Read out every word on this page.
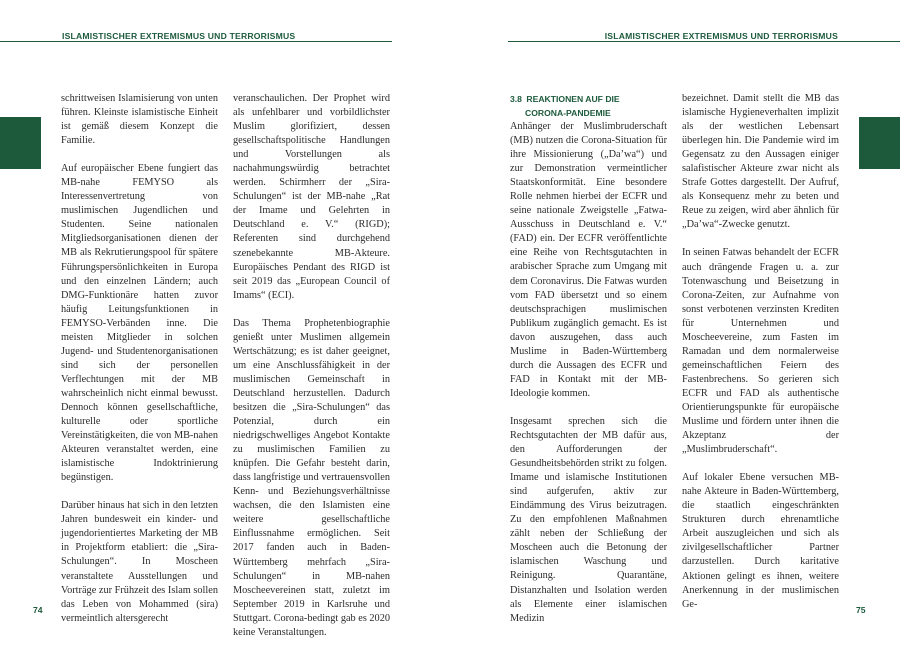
ISLAMISTISCHER EXTREMISMUS UND TERRORISMUS	ISLAMISTISCHER EXTREMISMUS UND TERRORISMUS

schrittweisen Islamisierung von unten führen. Kleinste islamistische Einheit ist gemäß diesem Konzept die Familie.

Auf europäischer Ebene fungiert das MB-nahe FEMYSO als Interessenvertretung von muslimischen Jugendlichen und Studenten. Seine nationalen Mitgliedsorganisationen dienen der MB als Rekrutierungspool für spätere Führungspersönlichkeiten in Europa und den einzelnen Ländern; auch DMG-Funktionäre hatten zuvor häufig Leitungsfunktionen in FEMYSO-Verbänden inne. Die meisten Mitglieder in solchen Jugend- und Studentenorganisationen sind sich der personellen Verflechtungen mit der MB wahrscheinlich nicht einmal bewusst. Dennoch können gesellschaftliche, kulturelle oder sportliche Vereinstätigkeiten, die von MB-nahen Akteuren veranstaltet werden, eine islamistische Indoktrinierung begünstigen.

Darüber hinaus hat sich in den letzten Jahren bundesweit ein kinder- und jugendorientiertes Marketing der MB in Projektform etabliert: die „Sira-Schulungen“. In Moscheen veranstaltete Ausstellungen und Vorträge zur Frühzeit des Islam sollen das Leben von Mohammed (sira) vermeintlich altersgerecht

veranschaulichen. Der Prophet wird als unfehlbarer und vorbildlichster Muslim glorifiziert, dessen gesellschaftspolitische Handlungen und Vorstellungen als nachahmungswürdig betrachtet werden. Schirmherr der „Sira-Schulungen“ ist der MB-nahe „Rat der Imame und Gelehrten in Deutschland e. V.“ (RIGD); Referenten sind durchgehend szenebekannte MB-Akteure. Europäisches Pendant des RIGD ist seit 2019 das „European Council of Imams“ (ECI).

Das Thema Prophetenbiographie genießt unter Muslimen allgemein Wertschätzung; es ist daher geeignet, um eine Anschlussfähigkeit in der muslimischen Gemeinschaft in Deutschland herzustellen. Dadurch besitzen die „Sira-Schulungen“ das Potenzial, durch ein niedrigschwelliges Angebot Kontakte zu muslimischen Familien zu knüpfen. Die Gefahr besteht darin, dass langfristige und vertrauensvollen Kenn- und Beziehungsverhältnisse wachsen, die den Islamisten eine weitere gesellschaftliche Einflussnahme ermöglichen. Seit 2017 fanden auch in Baden-Württemberg mehrfach „Sira-Schulungen“ in MB-nahen Moscheevereinen statt, zuletzt im September 2019 in Karlsruhe und Stuttgart. Corona-bedingt gab es 2020 keine Veranstaltungen.

3.8 REAKTIONEN AUF DIE
CORONA-PANDEMIE

Anhänger der Muslimbruderschaft (MB) nutzen die Corona-Situation für ihre Missionierung („Da’wa“) und zur Demonstration vermeintlicher Staatskonformität. Eine besondere Rolle nehmen hierbei der ECFR und seine nationale Zweigstelle „Fatwa-Ausschuss in Deutschland e. V.“ (FAD) ein. Der ECFR veröffentlichte eine Reihe von Rechtsgutachten in arabischer Sprache zum Umgang mit dem Coronavirus. Die Fatwas wurden vom FAD übersetzt und so einem deutschsprachigen muslimischen Publikum zugänglich gemacht. Es ist davon auszugehen, dass auch Muslime in Baden-Württemberg durch die Aussagen des ECFR und FAD in Kontakt mit der MB-Ideologie kommen.

Insgesamt sprechen sich die Rechtsgutachten der MB dafür aus, den Aufforderungen der Gesundheitsbehörden strikt zu folgen. Imame und islamische Institutionen sind aufgerufen, aktiv zur Eindämmung des Virus beizutragen. Zu den empfohlenen Maßnahmen zählt neben der Schließung der Moscheen auch die Betonung der islamischen Waschung und Reinigung. Quarantäne, Distanzhalten und Isolation werden als Elemente einer islamischen Medizin

bezeichnet. Damit stellt die MB das islamische Hygieneverhalten implizit als der westlichen Lebensart überlegen hin. Die Pandemie wird im Gegensatz zu den Aussagen einiger salafistischer Akteure zwar nicht als Strafe Gottes dargestellt. Der Aufruf, als Konsequenz mehr zu beten und Reue zu zeigen, wird aber ähnlich für „Da’wa“-Zwecke genutzt.

In seinen Fatwas behandelt der ECFR auch drängende Fragen u. a. zur Totenwaschung und Beisetzung in Corona-Zeiten, zur Aufnahme von sonst verbotenen verzinsten Krediten für Unternehmen und Moscheevereine, zum Fasten im Ramadan und dem normalerweise gemeinschaftlichen Feiern des Fastenbrechens. So gerieren sich ECFR und FAD als authentische Orientierungspunkte für europäische Muslime und fördern unter ihnen die Akzeptanz der „Muslimbruderschaft“.

Auf lokaler Ebene versuchen MB-nahe Akteure in Baden-Württemberg, die staatlich eingeschränkten Strukturen durch ehrenamtliche Arbeit auszugleichen und sich als zivilgesellschaftlicher Partner darzustellen. Durch karitative Aktionen gelingt es ihnen, weitere Anerkennung in der muslimischen Ge-

74	75
